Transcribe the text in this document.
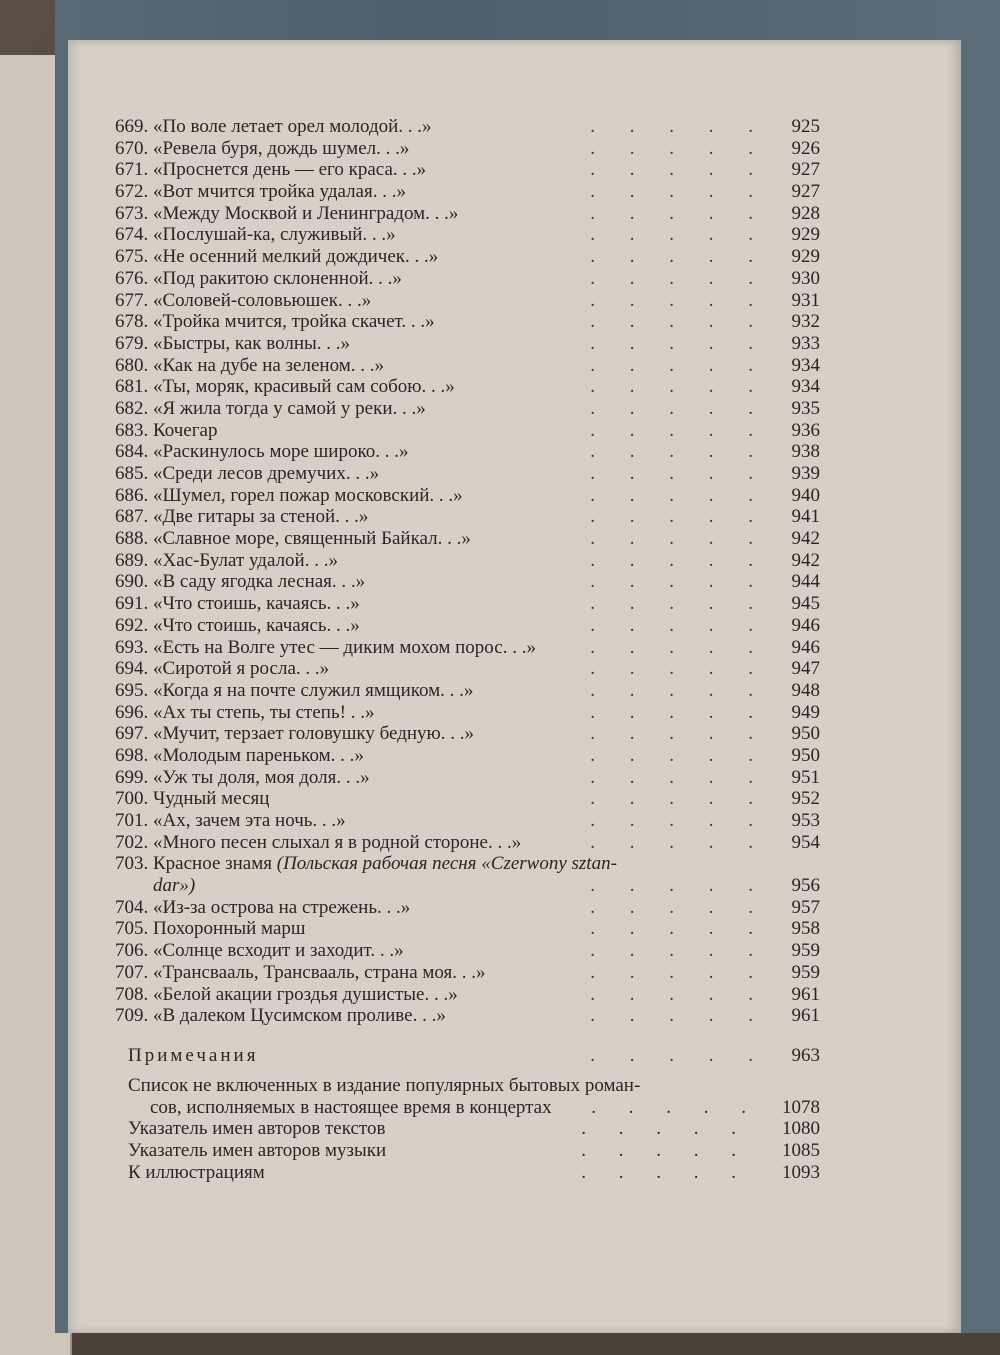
669. «По воле летает орел молодой. . .»	. . . . .	925
670. «Ревела буря, дождь шумел. . .»	. . . . .	926
671. «Проснется день — его краса. . .»	. . . . .	927
672. «Вот мчится тройка удалая. . .»	. . . . .	927
673. «Между Москвой и Ленинградом. . .»	. . . . .	928
674. «Послушай-ка, служивый. . .»	. . . . .	929
675. «Не осенний мелкий дождичек. . .»	. . . . .	929
676. «Под ракитою склоненной. . .»	. . . . .	930
677. «Соловей-соловьюшек. . .»	. . . . .	931
678. «Тройка мчится, тройка скачет. . .»	. . . . .	932
679. «Быстры, как волны. . .»	. . . . .	933
680. «Как на дубе на зеленом. . .»	. . . . .	934
681. «Ты, моряк, красивый сам собою. . .»	. . . . .	934
682. «Я жила тогда у самой у реки. . .»	. . . . .	935
683. Кочегар	. . . . .	936
684. «Раскинулось море широко. . .»	. . . . .	938
685. «Среди лесов дремучих. . .»	. . . . .	939
686. «Шумел, горел пожар московский. . .»	. . . . .	940
687. «Две гитары за стеной. . .»	. . . . .	941
688. «Славное море, священный Байкал. . .»	. . . . .	942
689. «Хас-Булат удалой. . .»	. . . . .	942
690. «В саду ягодка лесная. . .»	. . . . .	944
691. «Что стоишь, качаясь. . .»	. . . . .	945
692. «Что стоишь, качаясь. . .»	. . . . .	946
693. «Есть на Волге утес — диким мохом порос. . .»	. . . . .	946
694. «Сиротой я росла. . .»	. . . . .	947
695. «Когда я на почте служил ямщиком. . .»	. . . . .	948
696. «Ах ты степь, ты степь! . .»	. . . . .	949
697. «Мучит, терзает головушку бедную. . .»	. . . . .	950
698. «Молодым пареньком. . .»	. . . . .	950
699. «Уж ты доля, моя доля. . .»	. . . . .	951
700. Чудный месяц	. . . . .	952
701. «Ах, зачем эта ночь. . .»	. . . . .	953
702. «Много песен слыхал я в родной стороне. . .»	. . . . .	954
703. Красное знамя (Польская рабочая песня «Czerwony sztan-
dar»)	. . . . .	956
704. «Из-за острова на стрежень. . .»	. . . . .	957
705. Похоронный марш	. . . . .	958
706. «Солнце всходит и заходит. . .»	. . . . .	959
707. «Трансвааль, Трансвааль, страна моя. . .»	. . . . .	959
708. «Белой акации гроздья душистые. . .»	. . . . .	961
709. «В далеком Цусимском проливе. . .»	. . . . .	961
Примечания	. . . . .	963
Список не включенных в издание популярных бытовых роман-
сов, исполняемых в настоящее время в концертах . . . . . 1078
Указатель имен авторов текстов	. . . . . 1080
Указатель имен авторов музыки	. . . . . 1085
К иллюстрациям	. . . . . 1093
